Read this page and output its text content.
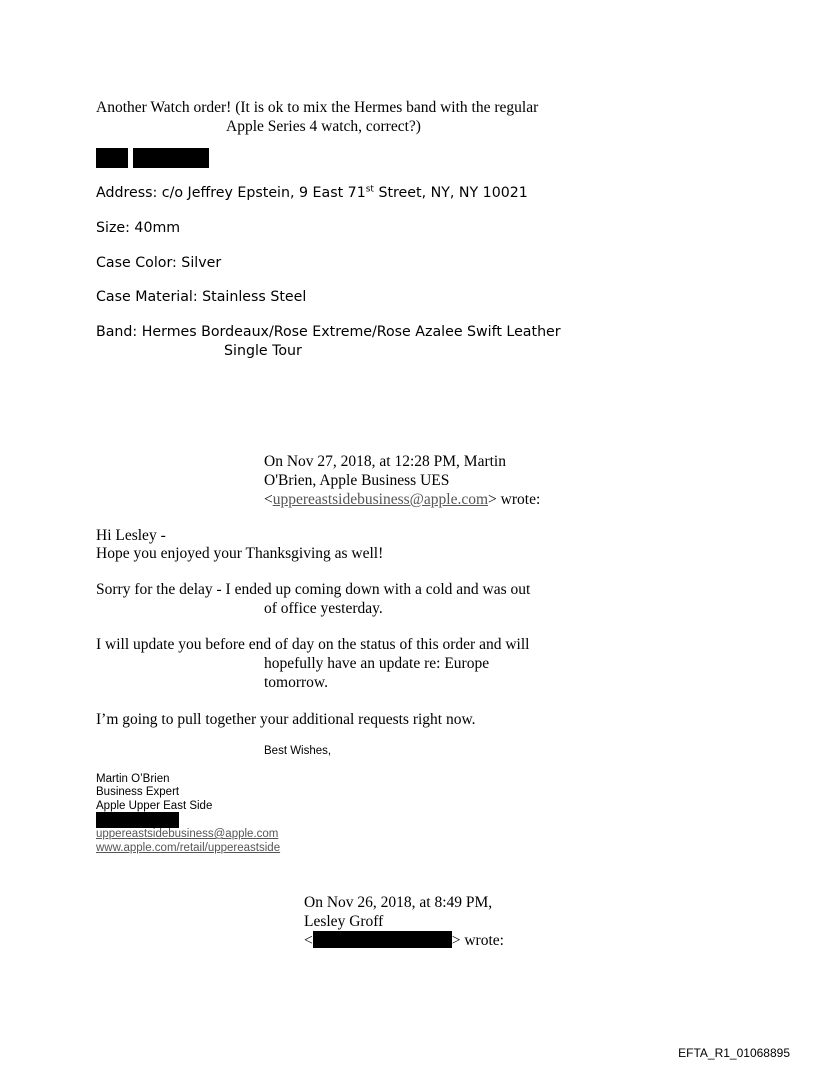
Another Watch order! (It is ok to mix the Hermes band with the regular
Apple Series 4 watch, correct?)
Address: c/o Jeffrey Epstein, 9 East 71st Street, NY, NY 10021
Size: 40mm
Case Color: Silver
Case Material: Stainless Steel
Band: Hermes Bordeaux/Rose Extreme/Rose Azalee Swift Leather
Single Tour
On Nov 27, 2018, at 12:28 PM, Martin
O'Brien, Apple Business UES
<uppereastsidebusiness@apple.com> wrote:
Hi Lesley -
Hope you enjoyed your Thanksgiving as well!
Sorry for the delay - I ended up coming down with a cold and was out
of office yesterday.
I will update you before end of day on the status of this order and will
hopefully have an update re: Europe
tomorrow.
I’m going to pull together your additional requests right now.
Best Wishes,
Martin O’Brien
Business Expert
Apple Upper East Side
uppereastsidebusiness@apple.com
www.apple.com/retail/uppereastside
On Nov 26, 2018, at 8:49 PM,
Lesley Groff
<	> wrote:
EFTA_R1_01068895
